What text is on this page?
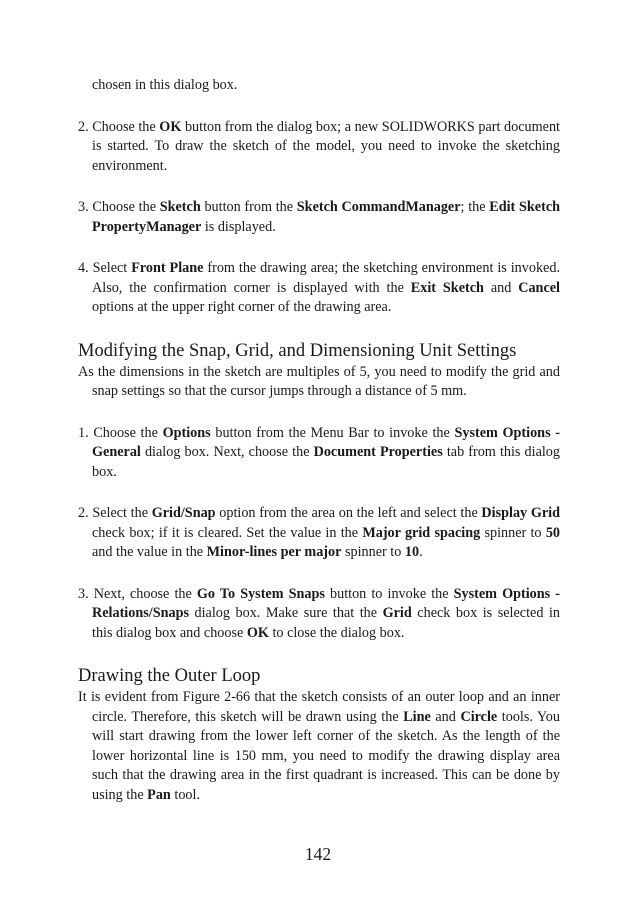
chosen in this dialog box.

2. Choose the OK button from the dialog box; a new SOLIDWORKS part document is started. To draw the sketch of the model, you need to invoke the sketching environment.

3. Choose the Sketch button from the Sketch CommandManager; the Edit Sketch PropertyManager is displayed.

4. Select Front Plane from the drawing area; the sketching environment is invoked. Also, the confirmation corner is displayed with the Exit Sketch and Cancel options at the upper right corner of the drawing area.

Modifying the Snap, Grid, and Dimensioning Unit Settings

As the dimensions in the sketch are multiples of 5, you need to modify the grid and snap settings so that the cursor jumps through a distance of 5 mm.

1. Choose the Options button from the Menu Bar to invoke the System Options - General dialog box. Next, choose the Document Properties tab from this dialog box.

2. Select the Grid/Snap option from the area on the left and select the Display Grid check box; if it is cleared. Set the value in the Major grid spacing spinner to 50 and the value in the Minor-lines per major spinner to 10.

3. Next, choose the Go To System Snaps button to invoke the System Options - Relations/Snaps dialog box. Make sure that the Grid check box is selected in this dialog box and choose OK to close the dialog box.

Drawing the Outer Loop

It is evident from Figure 2-66 that the sketch consists of an outer loop and an inner circle. Therefore, this sketch will be drawn using the Line and Circle tools. You will start drawing from the lower left corner of the sketch. As the length of the lower horizontal line is 150 mm, you need to modify the drawing display area such that the drawing area in the first quadrant is increased. This can be done by using the Pan tool.

142
